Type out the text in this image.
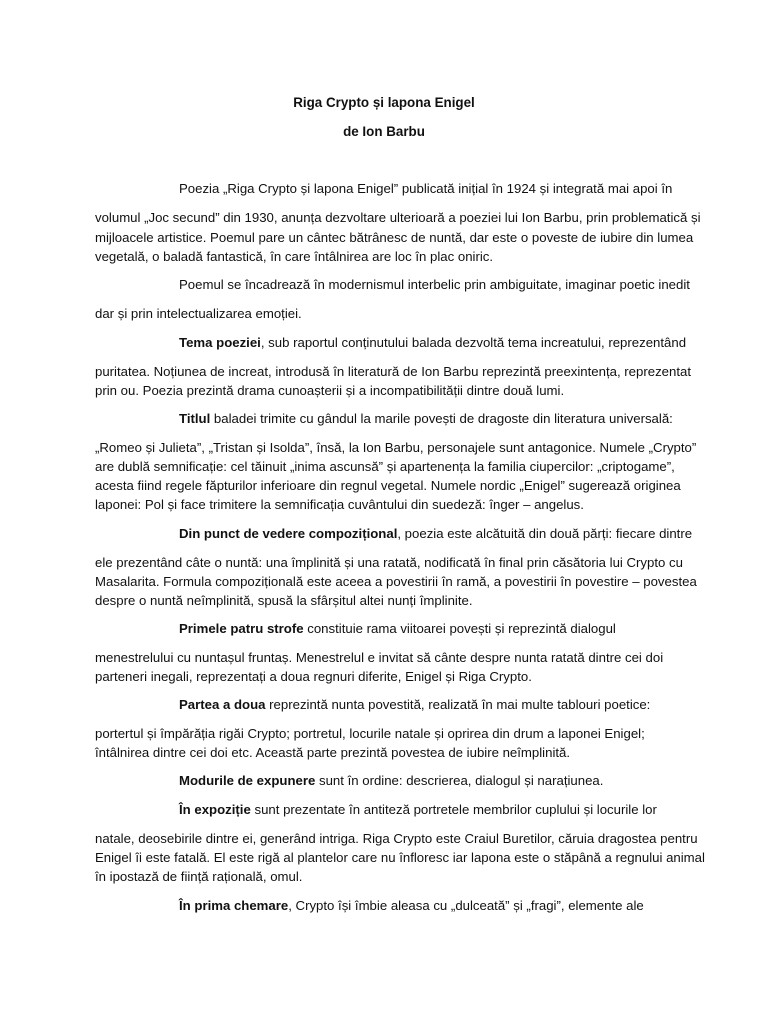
Riga Crypto și lapona Enigel
de Ion Barbu
Poezia „Riga Crypto și lapona Enigel” publicată inițial în 1924 și integrată mai apoi în
volumul „Joc secund” din 1930, anunța dezvoltare ulterioară a poeziei lui Ion Barbu, prin problematică și
mijloacele artistice. Poemul pare un cântec bătrânesc de nuntă, dar este o poveste de iubire din lumea
vegetală, o baladă fantastică, în care întâlnirea are loc în plac oniric.
Poemul se încadrează în modernismul interbelic prin ambiguitate, imaginar poetic inedit
dar și prin intelectualizarea emoției.
Tema poeziei, sub raportul conținutului balada dezvoltă tema increatului, reprezentând
puritatea. Noțiunea de increat, introdusă în literatură de Ion Barbu reprezintă preexintența, reprezentat
prin ou. Poezia prezintă drama cunoașterii și a incompatibilității dintre două lumi.
Titlul baladei trimite cu gândul la marile povești de dragoste din literatura universală:
„Romeo și Julieta”, „Tristan și Isolda”, însă, la Ion Barbu, personajele sunt antagonice. Numele „Crypto”
are dublă semnificație: cel tăinuit „inima ascunsă” și apartenența la familia ciupercilor: „criptogame”,
acesta fiind regele făpturilor inferioare din regnul vegetal. Numele nordic „Enigel” sugerează originea
laponei: Pol și face trimitere la semnificația cuvântului din suedeză: înger – angelus.
Din punct de vedere compozițional, poezia este alcătuită din două părți: fiecare dintre
ele prezentând câte o nuntă: una împlinită și una ratată, nodificată în final prin căsătoria lui Crypto cu
Masalarita. Formula compozițională este aceea a povestirii în ramă, a povestirii în povestire – povestea
despre o nuntă neîmplinită, spusă la sfârșitul altei nunți împlinite.
Primele patru strofe constituie rama viitoarei povești și reprezintă dialogul
menestrelului cu nuntașul fruntaș. Menestrelul e invitat să cânte despre nunta ratată dintre cei doi
parteneri inegali, reprezentați a doua regnuri diferite, Enigel și Riga Crypto.
Partea a doua reprezintă nunta povestită, realizată în mai multe tablouri poetice:
portertul și împărăția rigăi Crypto; portretul, locurile natale și oprirea din drum a laponei Enigel;
întâlnirea dintre cei doi etc. Această parte prezintă povestea de iubire neîmplinită.
Modurile de expunere sunt în ordine: descrierea, dialogul și narațiunea.
În expoziție sunt prezentate în antiteză portretele membrilor cuplului și locurile lor
natale, deosebirile dintre ei, generând intriga. Riga Crypto este Craiul Buretilor, căruia dragostea pentru
Enigel îi este fatală. El este rigă al plantelor care nu înfloresc iar lapona este o stăpână a regnului animal
în ipostază de ființă rațională, omul.
În prima chemare, Crypto își îmbie aleasa cu „dulceată” și „fragi”, elemente ale
